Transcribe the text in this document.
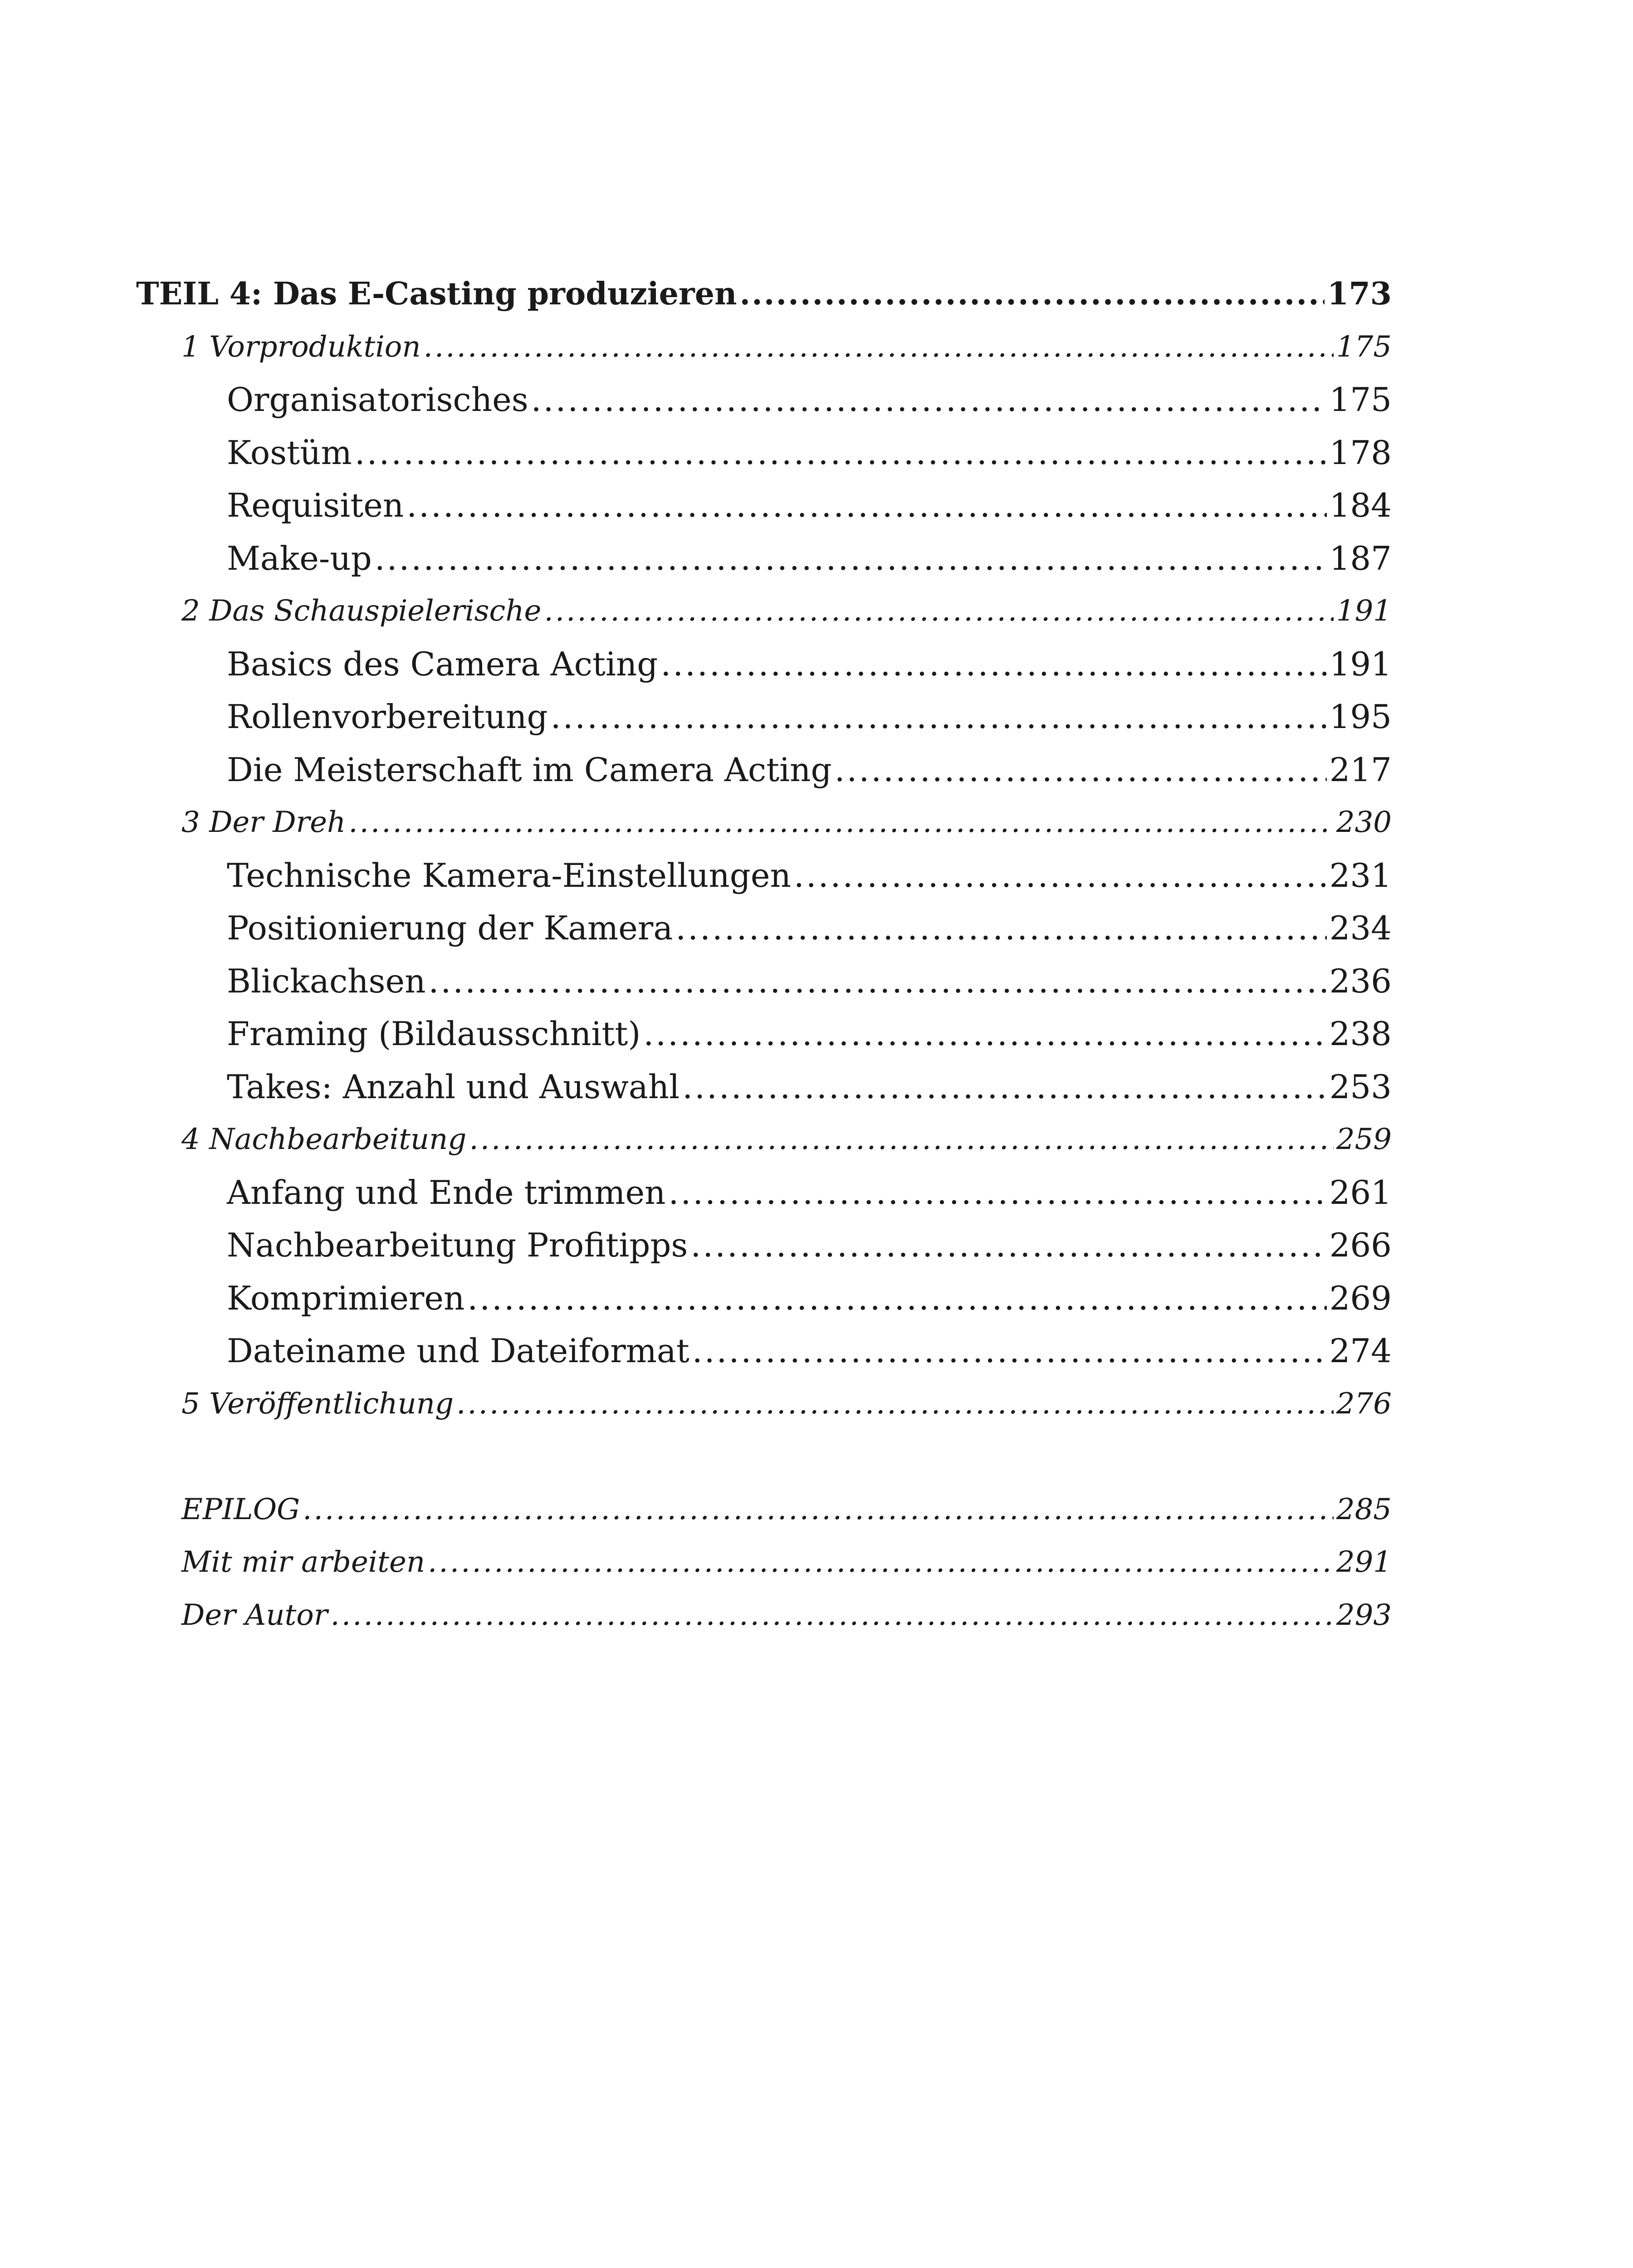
TEIL 4: Das E-Casting produzieren .....	173
1 Vorproduktion .....	175
Organisatorisches .....	175
Kostüm .....	178
Requisiten .....	184
Make-up .....	187
2 Das Schauspielerische .....	191
Basics des Camera Acting .....	191
Rollenvorbereitung .....	195
Die Meisterschaft im Camera Acting .....	217
3 Der Dreh .....	230
Technische Kamera-Einstellungen .....	231
Positionierung der Kamera .....	234
Blickachsen .....	236
Framing (Bildausschnitt) .....	238
Takes: Anzahl und Auswahl .....	253
4 Nachbearbeitung .....	259
Anfang und Ende trimmen .....	261
Nachbearbeitung Profitipps .....	266
Komprimieren .....	269
Dateiname und Dateiformat .....	274
5 Veröffentlichung .....	276
EPILOG .....	285
Mit mir arbeiten .....	291
Der Autor .....	293
